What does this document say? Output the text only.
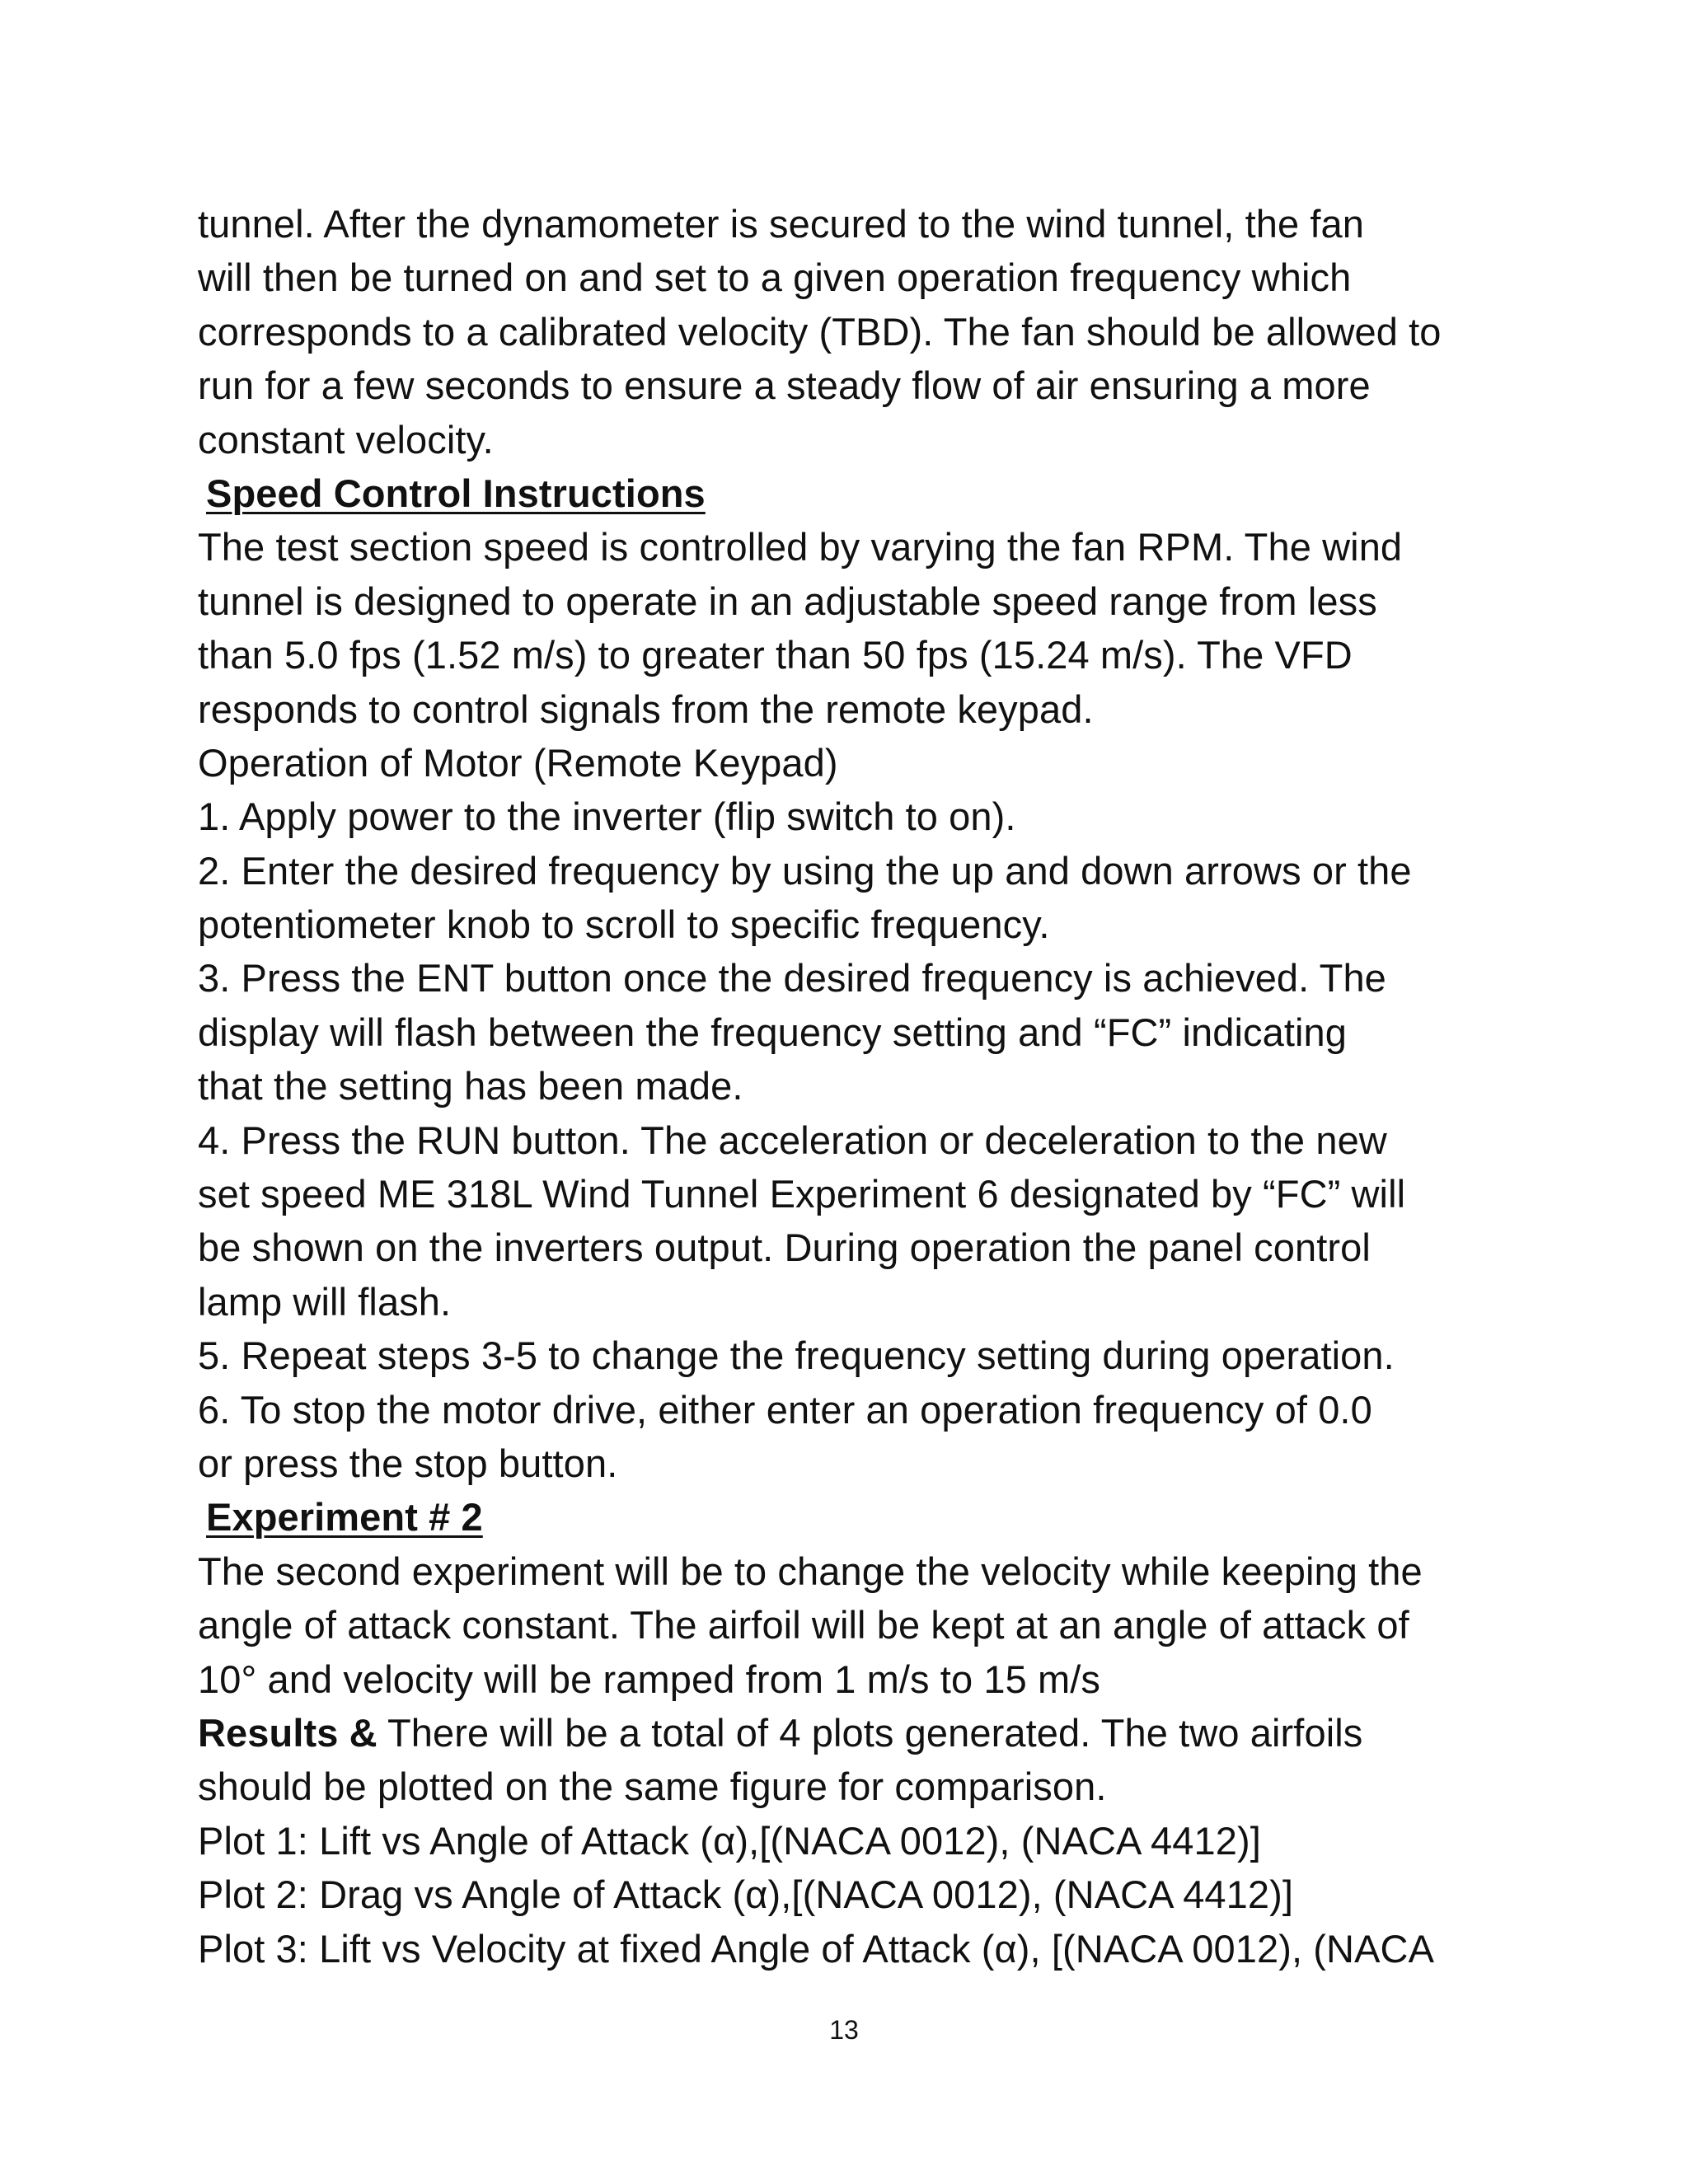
tunnel. After the dynamometer is secured to the wind tunnel, the fan
will then be turned on and set to a given operation frequency which
corresponds to a calibrated velocity (TBD). The fan should be allowed to
run for a few seconds to ensure a steady flow of air ensuring a more
constant velocity.
Speed Control Instructions
The test section speed is controlled by varying the fan RPM. The wind
tunnel is designed to operate in an adjustable speed range from less
than 5.0 fps (1.52 m/s) to greater than 50 fps (15.24 m/s). The VFD
responds to control signals from the remote keypad.
Operation of Motor (Remote Keypad)
1. Apply power to the inverter (flip switch to on).
2. Enter the desired frequency by using the up and down arrows or the
potentiometer knob to scroll to specific frequency.
3. Press the ENT button once the desired frequency is achieved. The
display will flash between the frequency setting and “FC” indicating
that the setting has been made.
4. Press the RUN button. The acceleration or deceleration to the new
set speed ME 318L Wind Tunnel Experiment 6 designated by “FC” will
be shown on the inverters output. During operation the panel control
lamp will flash.
5. Repeat steps 3-5 to change the frequency setting during operation.
6. To stop the motor drive, either enter an operation frequency of 0.0
or press the stop button.
Experiment # 2
The second experiment will be to change the velocity while keeping the
angle of attack constant. The airfoil will be kept at an angle of attack of
10° and velocity will be ramped from 1 m/s to 15 m/s
Results & There will be a total of 4 plots generated. The two airfoils
should be plotted on the same figure for comparison.
Plot 1: Lift vs Angle of Attack (α),[(NACA 0012), (NACA 4412)]
Plot 2: Drag vs Angle of Attack (α),[(NACA 0012), (NACA 4412)]
Plot 3: Lift vs Velocity at fixed Angle of Attack (α), [(NACA 0012), (NACA
13
